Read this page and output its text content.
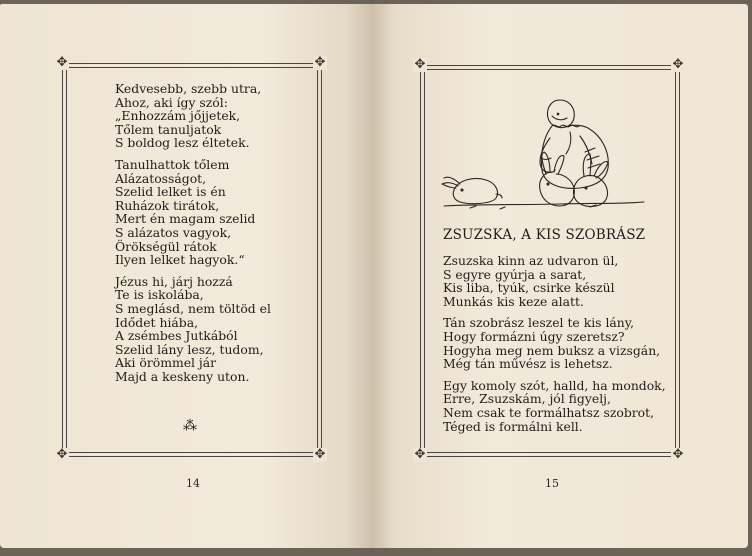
✥	✥
✥	✥
Kedvesebb, szebb utra,
Ahoz, aki így szól:
„Enhozzám jőjjetek,
Tőlem tanuljatok
S boldog lesz éltetek.
Tanulhattok tőlem
Alázatosságot,
Szelid lelket is én
Ruházok tirátok,
Mert én magam szelid
S alázatos vagyok,
Örökségül rátok
Ilyen lelket hagyok.“
Jézus hi, járj hozzá
Te is iskolába,
S meglásd, nem töltöd el
Idődet hiába,
A zsémbes Jutkából
Szelid lány lesz, tudom,
Aki örömmel jár
Majd a keskeny uton.
⁂
14
✥	✥
✥	✥
ZSUZSKA, A KIS SZOBRÁSZ
Zsuzska kinn az udvaron ül,
S egyre gyúrja a sarat,
Kis liba, tyúk, csirke készül
Munkás kis keze alatt.
Tán szobrász leszel te kis lány,
Hogy formázni úgy szeretsz?
Hogyha meg nem buksz a vizsgán,
Még tán művész is lehetsz.
Egy komoly szót, halld, ha mondok,
Erre, Zsuzskám, jól figyelj,
Nem csak te formálhatsz szobrot,
Téged is formálni kell.
15
